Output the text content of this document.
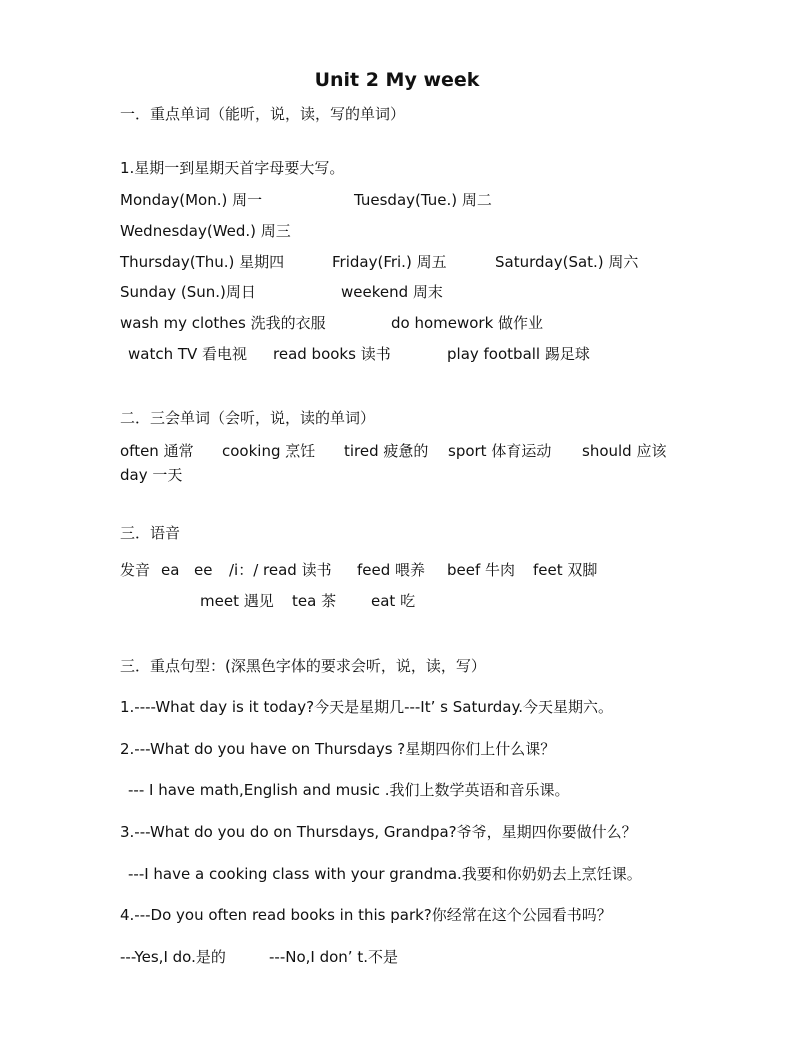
Unit 2 My week
一．重点单词（能听，说，读，写的单词）
1.星期一到星期天首字母要大写。
Monday(Mon.) 周一	Tuesday(Tue.) 周二
Wednesday(Wed.) 周三
Thursday(Thu.) 星期四	Friday(Fri.) 周五	Saturday(Sat.) 周六
Sunday (Sun.)周日	weekend 周末
wash my clothes 洗我的衣服	do homework 做作业
watch TV 看电视 read books 读书	play football 踢足球
二．三会单词（会听，说，读的单词）
often 通常 cooking 烹饪 tired 疲惫的 sport 体育运动 should 应该
day 一天
三．语音
发音 ea ee /i：/ read 读书 feed 喂养 beef 牛肉 feet 双脚
meet 遇见 tea 茶 eat 吃
三．重点句型：(深黑色字体的要求会听，说，读，写）
1.----What day is it today?今天是星期几---It’ s Saturday.今天星期六。
2.---What do you have on Thursdays ?星期四你们上什么课？
--- I have math,English and music .我们上数学英语和音乐课。
3.---What do you do on Thursdays, Grandpa?爷爷，星期四你要做什么？
---I have a cooking class with your grandma.我要和你奶奶去上烹饪课。
4.---Do you often read books in this park?你经常在这个公园看书吗？
---Yes,I do.是的	---No,I don’ t.不是
